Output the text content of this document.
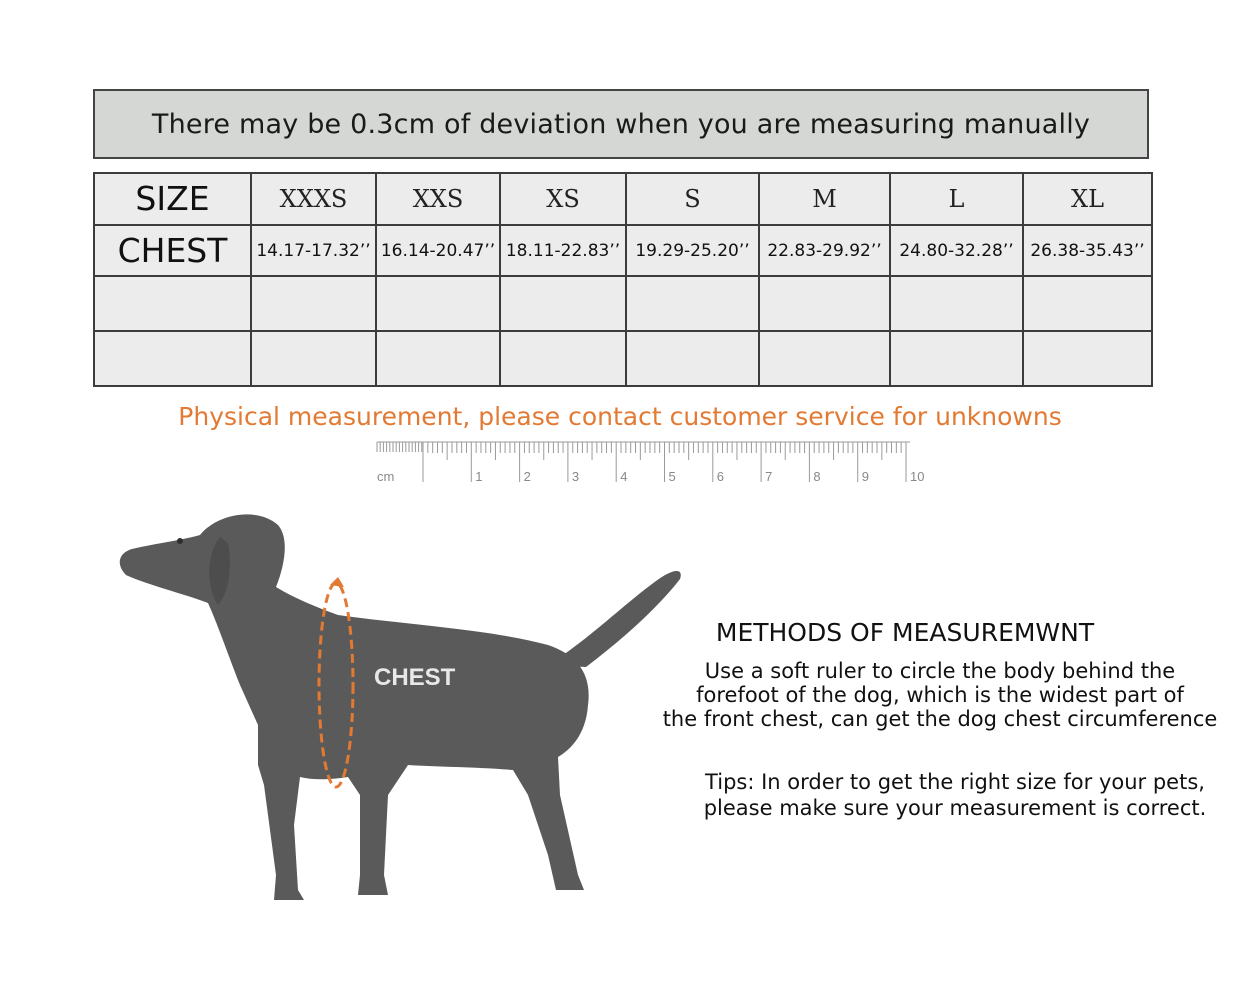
There may be 0.3cm of deviation when you are measuring manually
SIZE	XXXS	XXS	XS	S	M	L	XL
CHEST	14.17-17.32’’	16.14-20.47’’	18.11-22.83’’	19.29-25.20’’	22.83-29.92’’	24.80-32.28’’	26.38-35.43’’

Physical measurement, please contact customer service for unknowns
cm	1	2	3	4	5	6	7	8	9	10
CHEST
METHODS OF MEASUREMWNT
Use a soft ruler to circle the body behind the
forefoot of the dog, which is the widest part of
the front chest, can get the dog chest circumference
Tips: In order to get the right size for your pets,
please make sure your measurement is correct.
